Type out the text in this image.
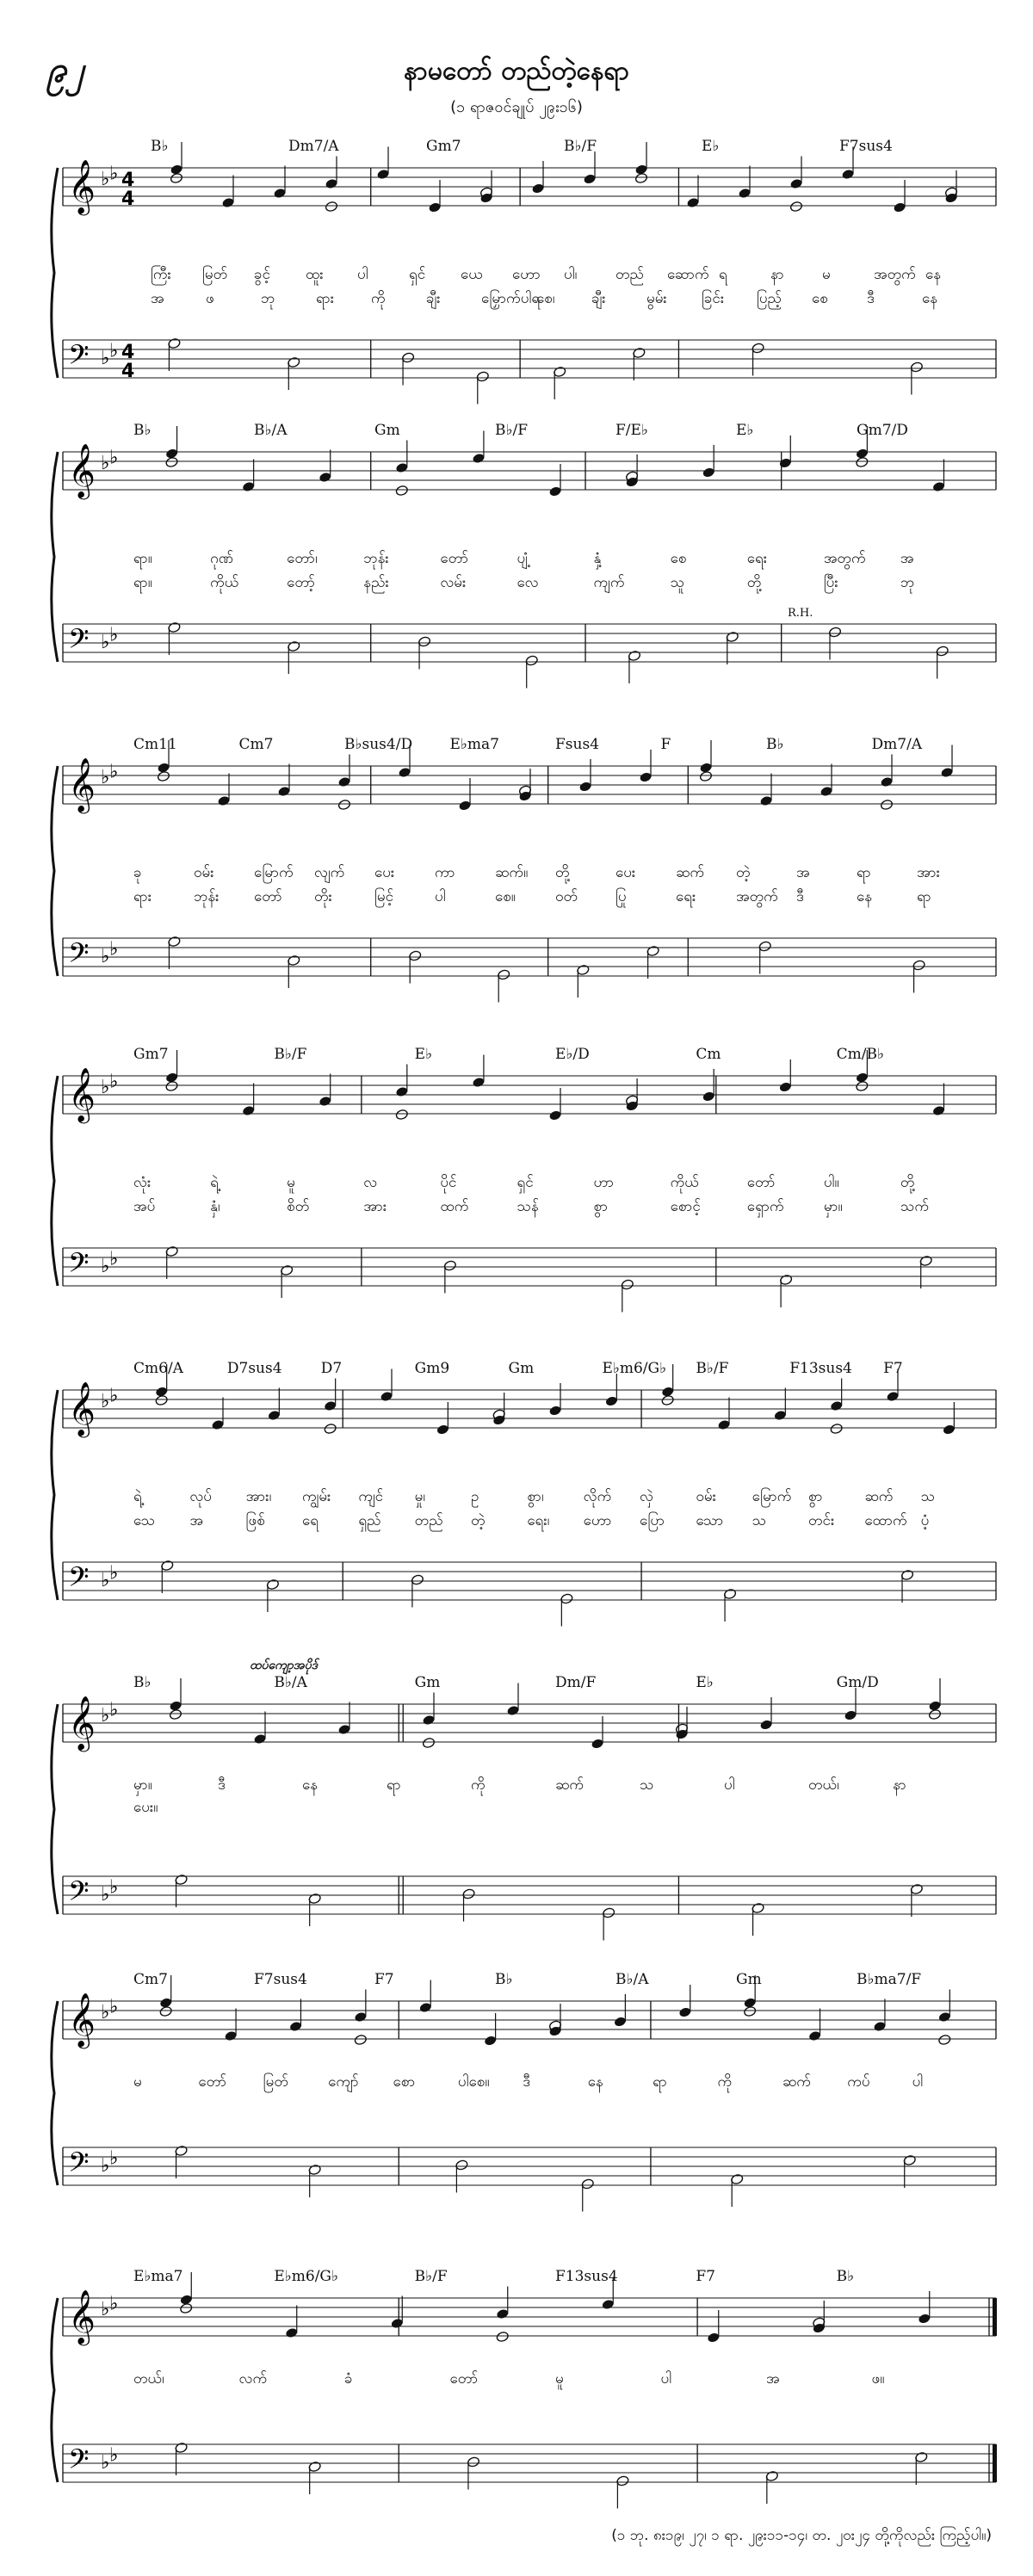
၉၂	နာမတော် တည်တဲ့နေရာ
(၁ ရာဇဝင်ချုပ် ၂၉း၁၆)
𝄞 ♭ ♭ 4
4
𝄢 ♭ ♭ 4
4
B♭	Dm7/A	Gm7	B♭/F	E♭	F7sus4
ကြီး မြတ် ခွင့် ထူး ပါ	ရှင် ယေ ဟော ပါ၊	တည် ဆောက် ရ	နာ	မ	အတွက် နေ
အ	ဖ	ဘု	ရား	ကို	ချီး	မြှောက်ပါရ
စေ၊	ချီး	မွမ်း ခြင်း ပြည့် စေ	ဒီ	နေ
𝄞 ♭ ♭
𝄢 ♭ ♭
B♭	B♭/A	Gm	B♭/F	F/E♭	E♭	Gm7/D
R.H.
ရာ။	ဂုဏ်	တော်၊	ဘုန်း	တော်	ပျံ့	နှံ့	စေ	ရေး	အတွက် အ
ရာ။	ကိုယ်	တော့်	နည်း	လမ်း	လေ	ကျက်	သူ	တို့	ပြီး	ဘု
𝄞 ♭ ♭
𝄢 ♭ ♭
Cm11	Cm7	B♭sus4/D	E♭ma7	Fsus4	F	B♭	Dm7/A
ခု	ဝမ်း	မြောက် လျက် ပေး	ကာ	ဆက်။ တို့	ပေး	ဆက် တဲ့	အ	ရာ	အား
ရား	ဘုန်း တော် တိုး	မြင့်	ပါ	စေ။	ဝတ်	ပြု	ရေး	အတွက် ဒီ	နေ	ရာ
𝄞 ♭ ♭
𝄢 ♭ ♭
Gm7	B♭/F	E♭	E♭/D	Cm	Cm/B♭
လုံး	ရဲ့	မူ	လ	ပိုင်	ရှင်	ဟာ	ကိုယ်	တော်	ပါ။	တို့
အပ်	နှံ၊	စိတ်	အား	ထက်	သန်	စွာ	စောင့်	ရှောက်	မှာ။	သက်
𝄞 ♭ ♭
𝄢 ♭ ♭
Cm6/A	D7sus4	D7	Gm9	Gm	E♭m6/G♭ B♭/F	F13sus4 F7
ရဲ့	လုပ် အား၊ ကျွမ်း ကျင် မှု၊	ဥ	စွာ၊	လိုက် လှဲ	ဝမ်း မြောက် စွာ	ဆက် သ
သေ အ	ဖြစ်	ရေ	ရှည် တည် တဲ့	ရေး၊ ဟော ပြော သော သ	တင်း ထောက် ပံ့
𝄞 ♭ ♭
𝄢 ♭ ♭
B♭	B♭/A	Gm	Dm/F	E♭	Gm/D
ထပ်ကျော့အပိုဒ်
မှာ။	ဒီ	နေ	ရာ	ကို	ဆက်	သ	ပါ	တယ်၊	နာ
ပေး။
𝄞 ♭ ♭
𝄢 ♭ ♭
Cm7	F7sus4	F7	B♭	B♭/A	Gm	B♭ma7/F
မ	တော်	မြတ်	ကျော် စော	ပါစေ။ ဒီ	နေ	ရာ	ကို	ဆက် ကပ်	ပါ
𝄞 ♭ ♭
𝄢 ♭ ♭
E♭ma7	E♭m6/G♭	B♭/F	F13sus4	F7	B♭
တယ်၊	လက်	ခံ	တော်	မူ	ပါ	အ	ဖ။
(၁ ဘု. ၈း၁၉၊ ၂၇၊ ၁ ရာ. ၂၉း၁၁-၁၄၊ တ. ၂၀း၂၄ တို့ကိုလည်း ကြည့်ပါ။)
